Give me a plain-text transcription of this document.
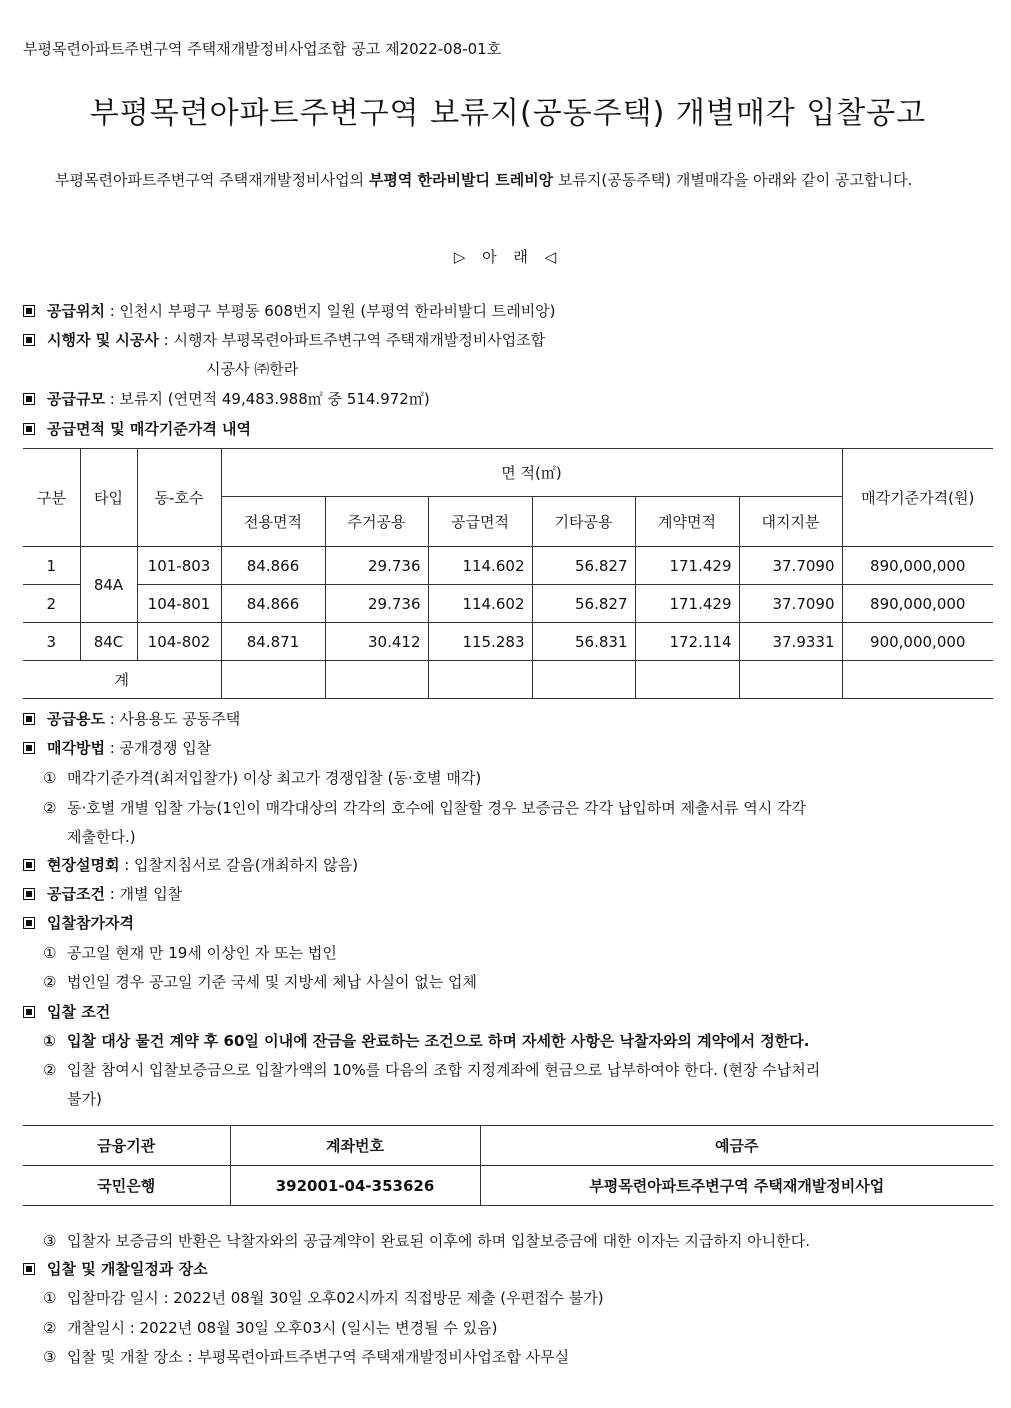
부평목련아파트주변구역 주택재개발정비사업조합 공고 제2022-08-01호
부평목련아파트주변구역 보류지(공동주택) 개별매각 입찰공고
부평목련아파트주변구역 주택재개발정비사업의 부평역 한라비발디 트레비앙 보류지(공동주택) 개별매각을 아래와 같이 공고합니다.
▷ 아 래 ◁
공급위치 : 인천시 부평구 부평동 608번지 일원 (부평역 한라비발디 트레비앙)
시행자 및 시공사 : 시행자 부평목련아파트주변구역 주택재개발정비사업조합
시공사 ㈜한라
공급규모 : 보류지 (연면적 49,483.988㎡ 중 514.972㎡)
공급면적 및 매각기준가격 내역
구분	타입	동-호수	면 적(㎡)						매각기준가격(원)
			전용면적	주거공용	공급면적	기타공용	계약면적	대지지분	
1	84A	101-803	84.866	29.736	114.602	56.827	171.429	37.7090	890,000,000
2		104-801	84.866	29.736	114.602	56.827	171.429	37.7090	890,000,000
3	84C	104-802	84.871	30.412	115.283	56.831	172.114	37.9331	900,000,000
계									
공급용도 : 사용용도 공동주택
매각방법 : 공개경쟁 입찰
① 매각기준가격(최저입찰가) 이상 최고가 경쟁입찰 (동·호별 매각)
② 동·호별 개별 입찰 가능(1인이 매각대상의 각각의 호수에 입찰할 경우 보증금은 각각 납입하며 제출서류 역시 각각
제출한다.)
현장설명회 : 입찰지침서로 갈음(개최하지 않음)
공급조건 : 개별 입찰
입찰참가자격
① 공고일 현재 만 19세 이상인 자 또는 법인
② 법인일 경우 공고일 기준 국세 및 지방세 체납 사실이 없는 업체
입찰 조건
① 입찰 대상 물건 계약 후 60일 이내에 잔금을 완료하는 조건으로 하며 자세한 사항은 낙찰자와의 계약에서 정한다.
② 입찰 참여시 입찰보증금으로 입찰가액의 10%를 다음의 조합 지정계좌에 현금으로 납부하여야 한다. (현장 수납처리
불가)
금융기관	계좌번호	예금주
국민은행	392001-04-353626	부평목련아파트주변구역 주택재개발정비사업
③ 입찰자 보증금의 반환은 낙찰자와의 공급계약이 완료된 이후에 하며 입찰보증금에 대한 이자는 지급하지 아니한다.
입찰 및 개찰일정과 장소
① 입찰마감 일시 : 2022년 08월 30일 오후02시까지 직접방문 제출 (우편접수 불가)
② 개찰일시 : 2022년 08월 30일 오후03시 (일시는 변경될 수 있음)
③ 입찰 및 개찰 장소 : 부평목련아파트주변구역 주택재개발정비사업조합 사무실
